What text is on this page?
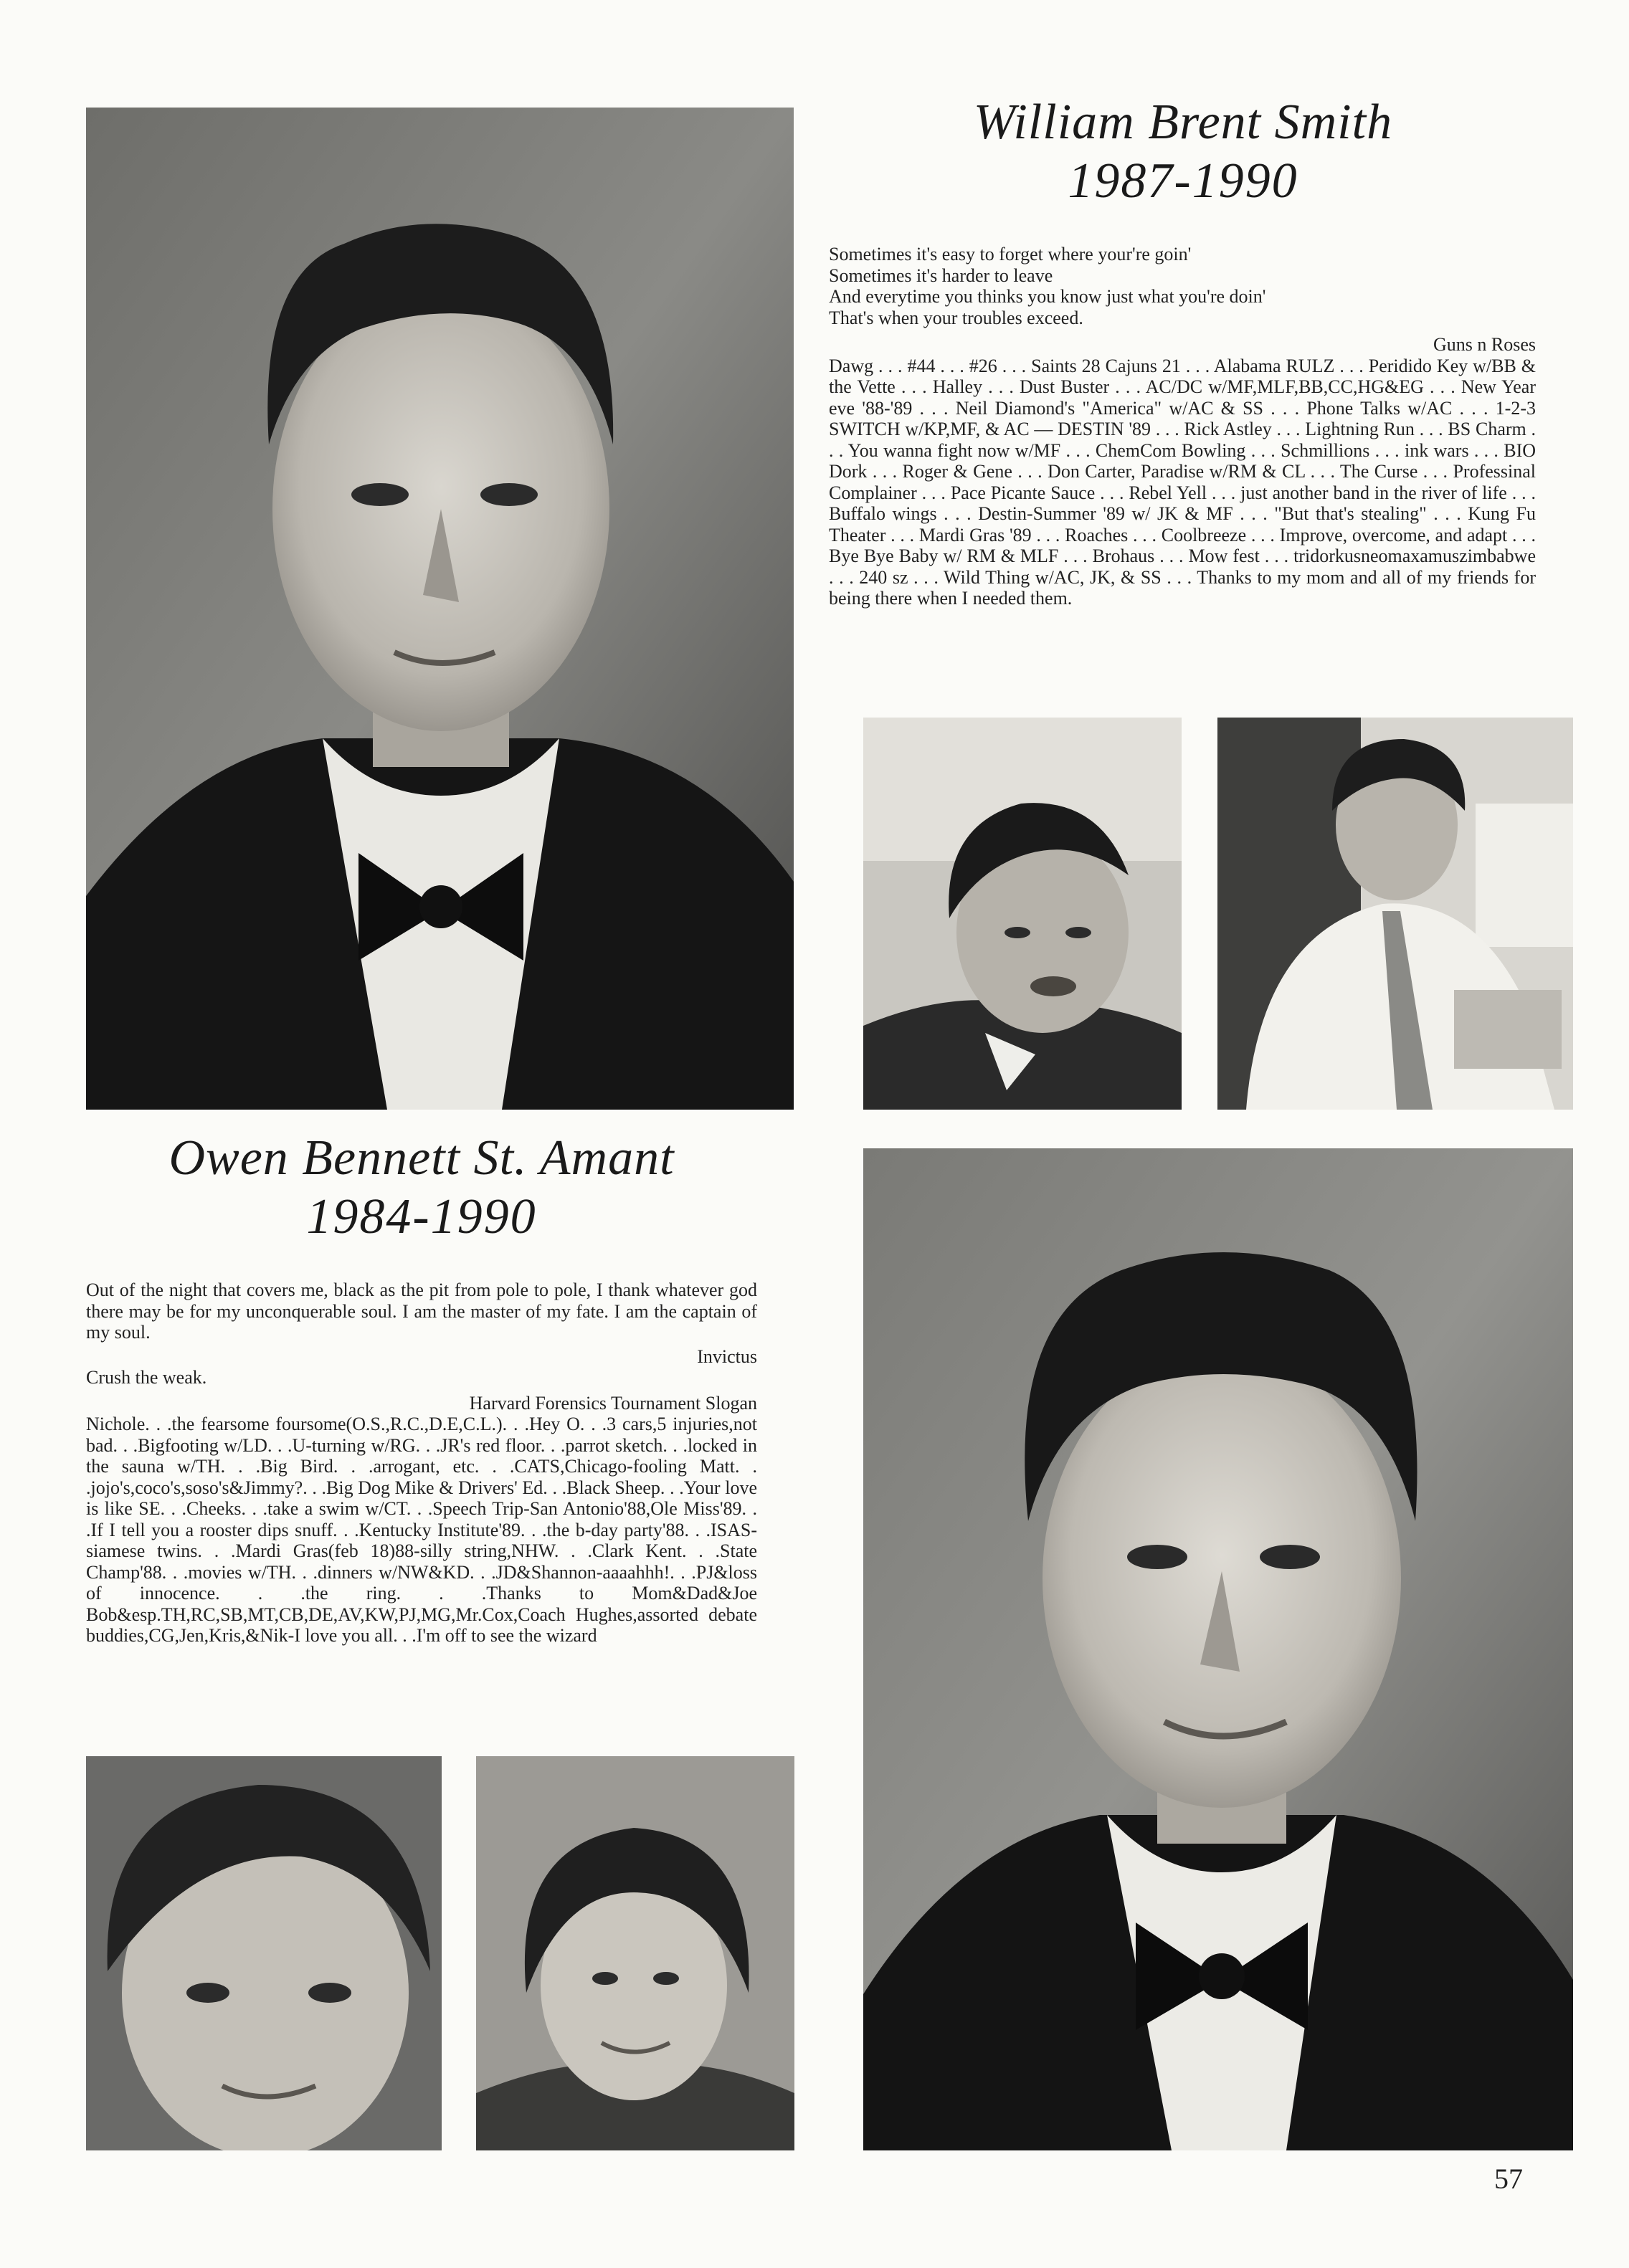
William Brent Smith
1987-1990

Sometimes it's easy to forget where your're goin'

Sometimes it's harder to leave

And everytime you thinks you know just what you're doin'

That's when your troubles exceed.

Guns n Roses

Dawg . . . #44 . . . #26 . . . Saints 28 Cajuns 21 . . . Alabama RULZ . . . Peridido Key w/BB & the Vette . . . Halley . . . Dust Buster . . . AC/DC w/MF,MLF,BB,CC,HG&EG . . . New Year eve '88-'89 . . . Neil Diamond's "America" w/AC & SS . . . Phone Talks w/AC . . . 1-2-3 SWITCH w/KP,MF, & AC — DESTIN '89 . . . Rick Astley . . . Lightning Run . . . BS Charm . . . You wanna fight now w/MF . . . ChemCom Bowling . . . Schmillions . . . ink wars . . . BIO Dork . . . Roger & Gene . . . Don Carter, Paradise w/RM & CL . . . The Curse . . . Professinal Complainer . . . Pace Picante Sauce . . . Rebel Yell . . . just another band in the river of life . . . Buffalo wings . . . Destin-Summer '89 w/ JK & MF . . . "But that's stealing" . . . Kung Fu Theater . . . Mardi Gras '89 . . . Roaches . . . Coolbreeze . . . Improve, overcome, and adapt . . . Bye Bye Baby w/ RM & MLF . . . Brohaus . . . Mow fest . . . tridorkusneomaxamuszimbabwe . . . 240 sz . . . Wild Thing w/AC, JK, & SS . . . Thanks to my mom and all of my friends for being there when I needed them.

Owen Bennett St. Amant
1984-1990

Out of the night that covers me, black as the pit from pole to pole, I thank whatever god there may be for my unconquerable soul. I am the master of my fate. I am the captain of my soul.

Invictus

Crush the weak.

Harvard Forensics Tournament Slogan

Nichole. . .the fearsome foursome(O.S.,R.C.,D.E,C.L.). . .Hey O. . .3 cars,5 injuries,not bad. . .Bigfooting w/LD. . .U-turning w/RG. . .JR's red floor. . .parrot sketch. . .locked in the sauna w/TH. . .Big Bird. . .arrogant, etc. . .CATS,Chicago-fooling Matt. . .jojo's,coco's,soso's&Jimmy?. . .Big Dog Mike & Drivers' Ed. . .Black Sheep. . .Your love is like SE. . .Cheeks. . .take a swim w/CT. . .Speech Trip-San Antonio'88,Ole Miss'89. . .If I tell you a rooster dips snuff. . .Kentucky Institute'89. . .the b-day party'88. . .ISAS-siamese twins. . .Mardi Gras(feb 18)88-silly string,NHW. . .Clark Kent. . .State Champ'88. . .movies w/TH. . .dinners w/NW&KD. . .JD&Shannon-aaaahhh!. . .PJ&loss of innocence. . .the ring. . .Thanks to Mom&Dad&Joe Bob&esp.TH,RC,SB,MT,CB,DE,AV,KW,PJ,MG,Mr.Cox,Coach Hughes,assorted debate buddies,CG,Jen,Kris,&Nik-I love you all. . .I'm off to see the wizard

57
